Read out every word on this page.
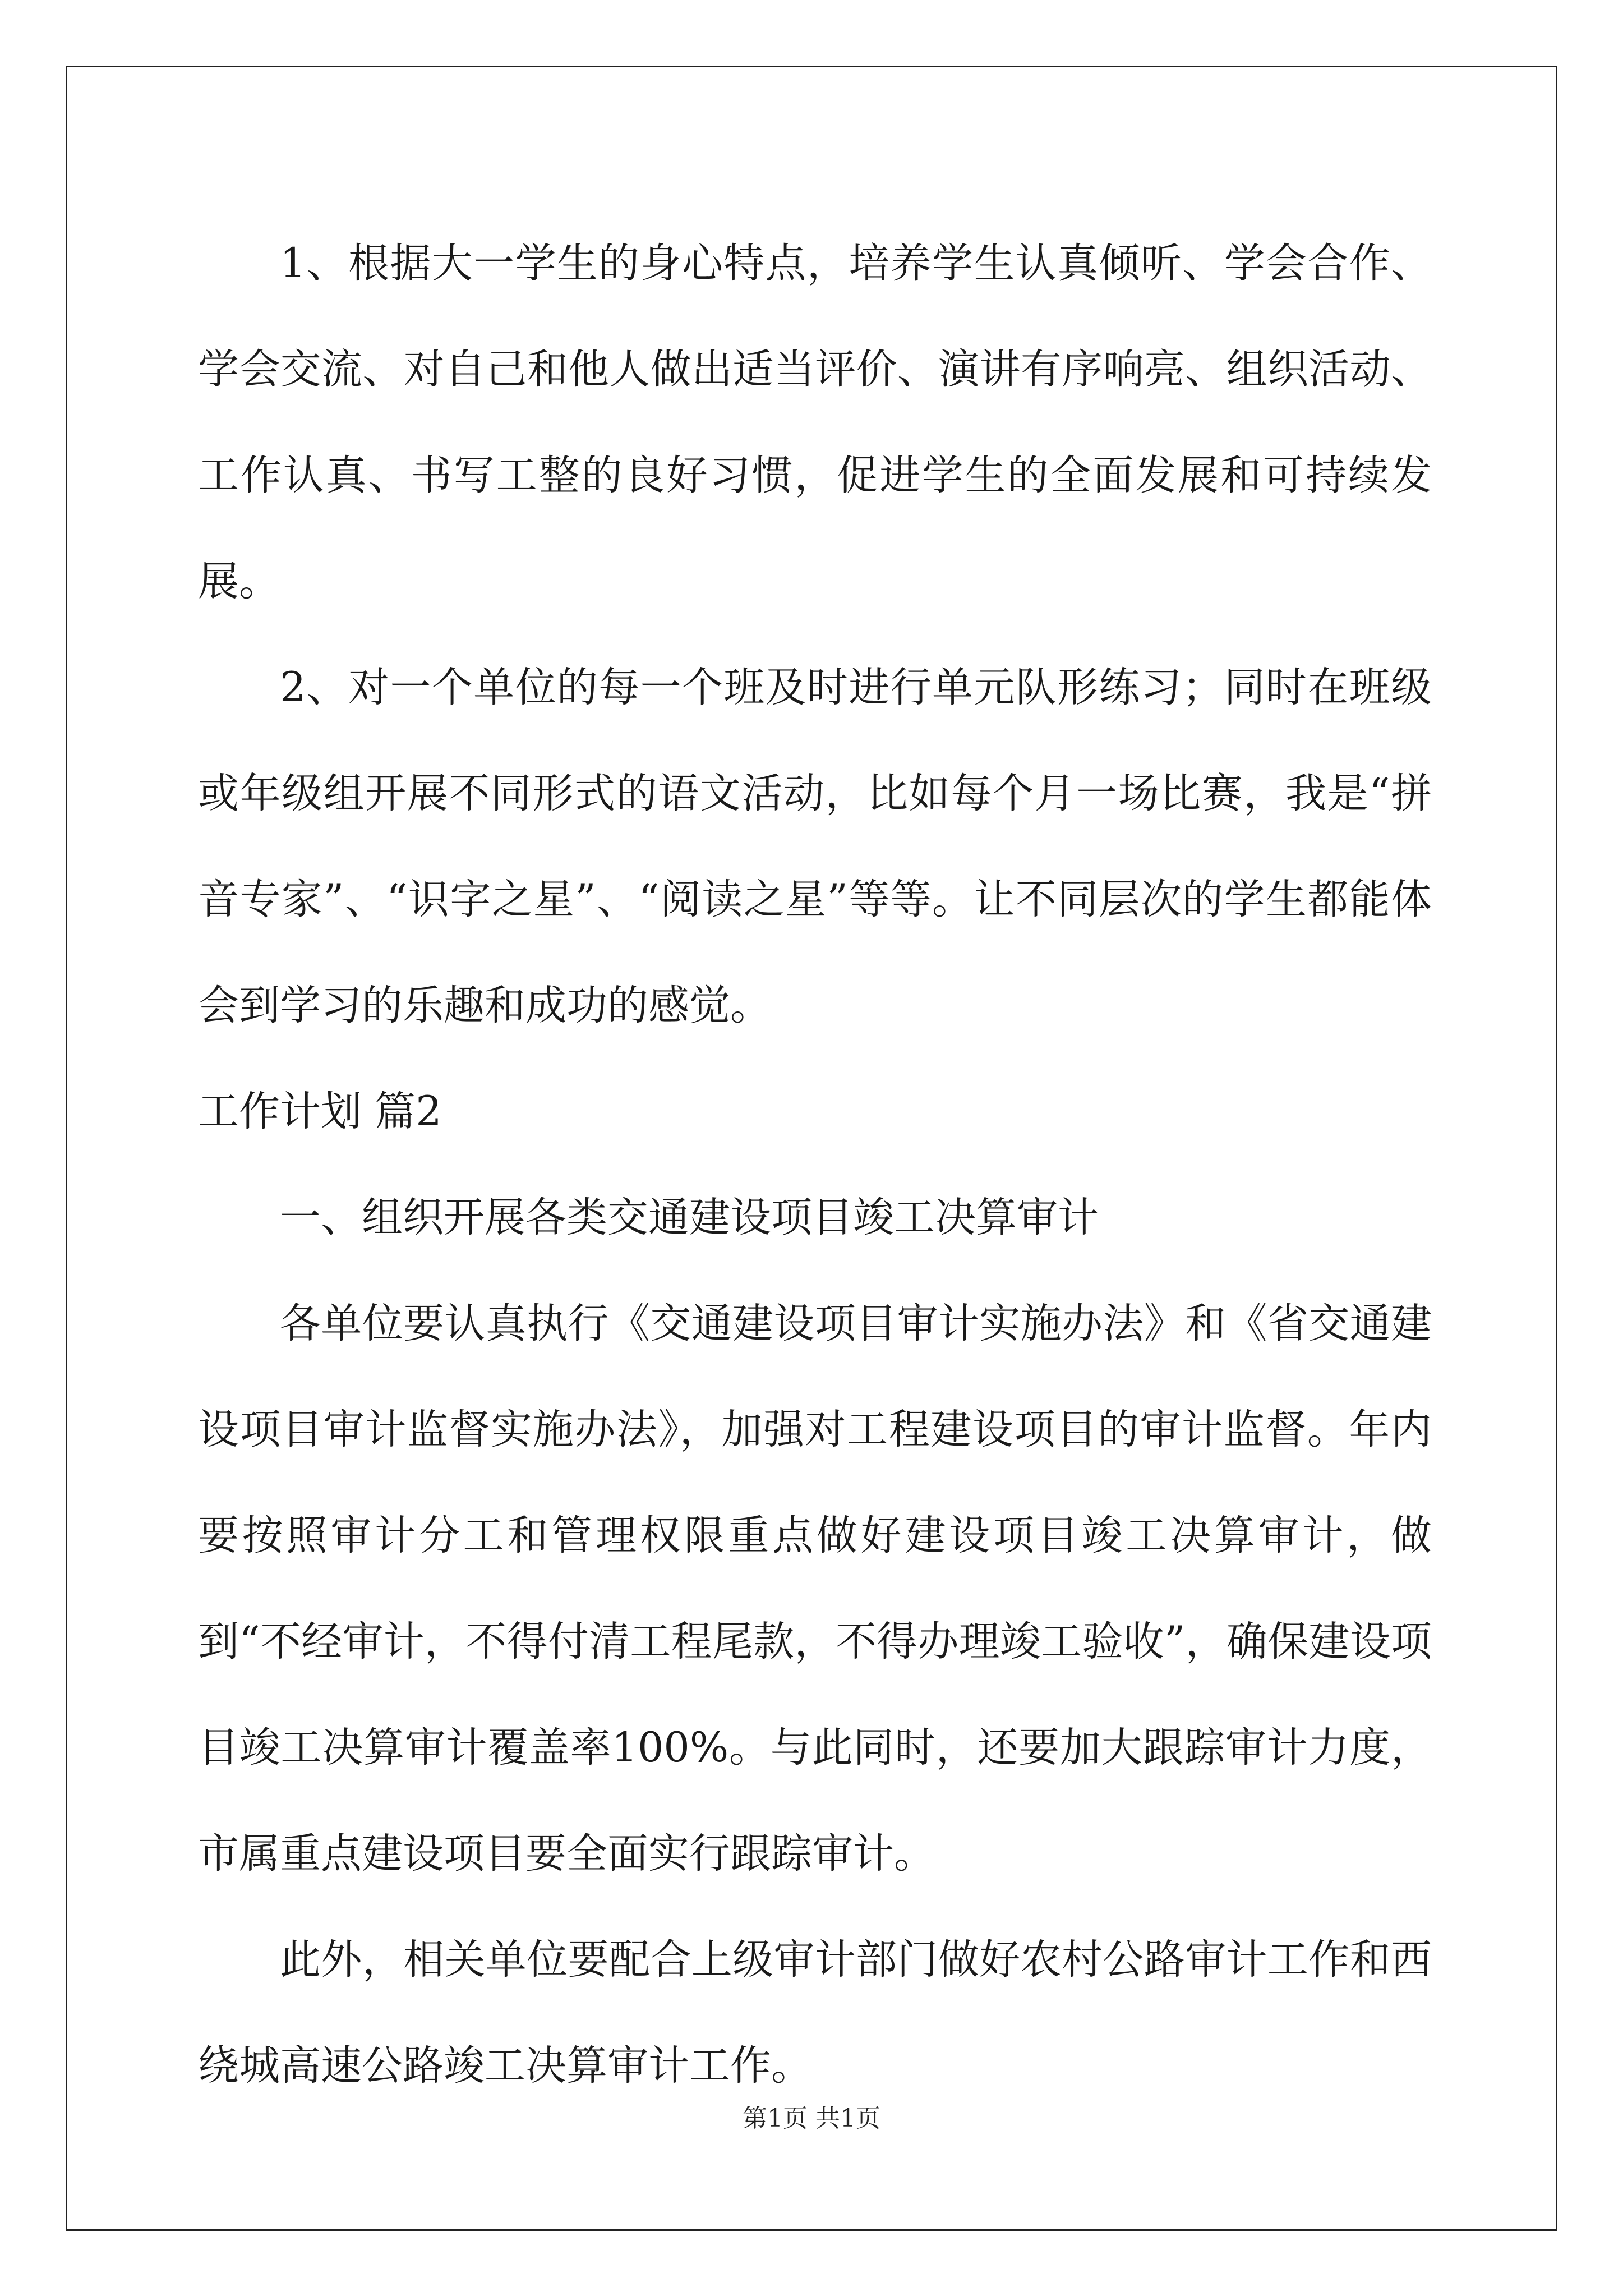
1、根据大一学生的身心特点，培养学生认真倾听、学会合作、学会交流、对自己和他人做出适当评价、演讲有序响亮、组织活动、工作认真、书写工整的良好习惯，促进学生的全面发展和可持续发展。

2、对一个单位的每一个班及时进行单元队形练习；同时在班级或年级组开展不同形式的语文活动，比如每个月一场比赛，我是“拼音专家”、“识字之星”、“阅读之星”等等。让不同层次的学生都能体会到学习的乐趣和成功的感觉。

工作计划 篇2

一、组织开展各类交通建设项目竣工决算审计

各单位要认真执行《交通建设项目审计实施办法》和《省交通建设项目审计监督实施办法》，加强对工程建设项目的审计监督。年内要按照审计分工和管理权限重点做好建设项目竣工决算审计，做到“不经审计，不得付清工程尾款，不得办理竣工验收”，确保建设项目竣工决算审计覆盖率100%。与此同时，还要加大跟踪审计力度，市属重点建设项目要全面实行跟踪审计。

此外，相关单位要配合上级审计部门做好农村公路审计工作和西绕城高速公路竣工决算审计工作。

第1页 共1页
